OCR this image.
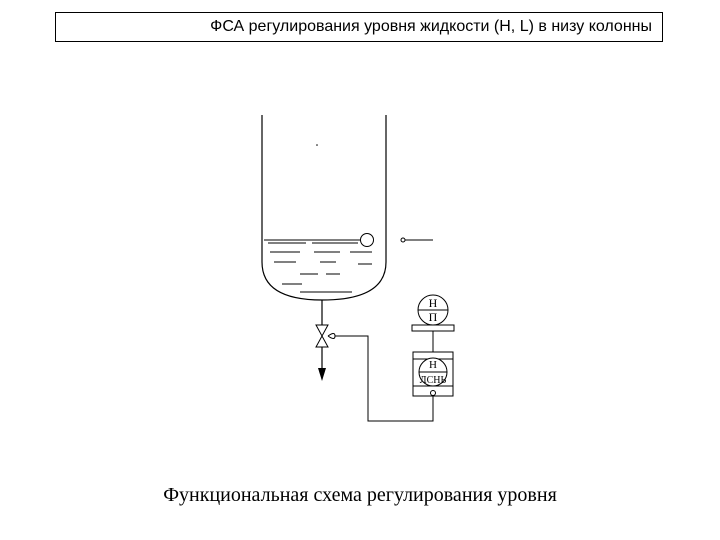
ФСА регулирования уровня жидкости (H, L) в низу колонны
H
П
H
ЛСНЬ
Функциональная схема регулирования уровня
